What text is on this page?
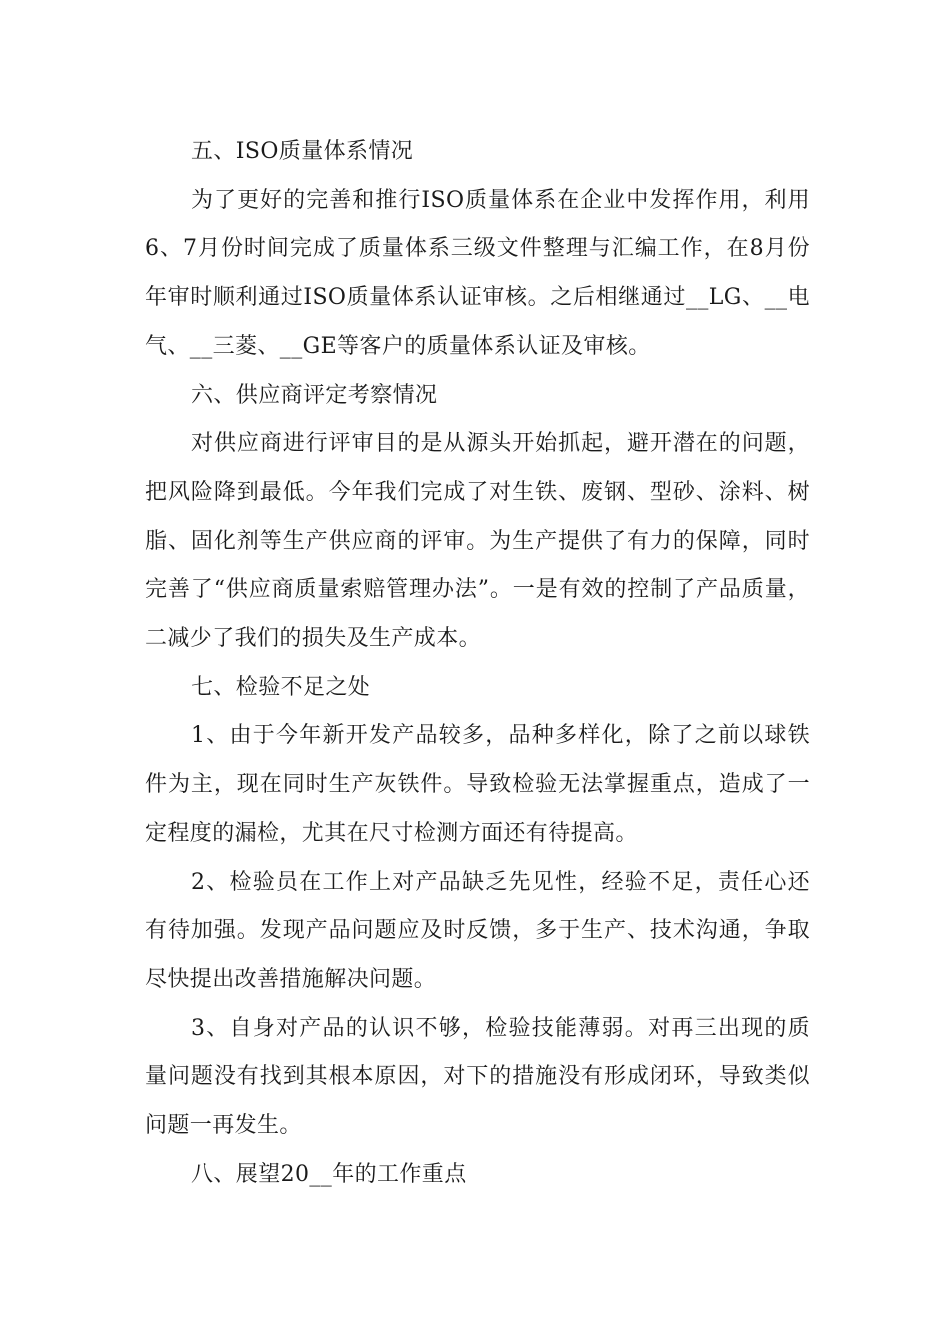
五、ISO质量体系情况

为了更好的完善和推行ISO质量体系在企业中发挥作用，利用6、7月份时间完成了质量体系三级文件整理与汇编工作，在8月份年审时顺利通过ISO质量体系认证审核。之后相继通过__LG、__电气、__三菱、__GE等客户的质量体系认证及审核。

六、供应商评定考察情况

对供应商进行评审目的是从源头开始抓起，避开潜在的问题，把风险降到最低。今年我们完成了对生铁、废钢、型砂、涂料、树脂、固化剂等生产供应商的评审。为生产提供了有力的保障，同时完善了“供应商质量索赔管理办法”。一是有效的控制了产品质量，二减少了我们的损失及生产成本。

七、检验不足之处

1、由于今年新开发产品较多，品种多样化，除了之前以球铁件为主，现在同时生产灰铁件。导致检验无法掌握重点，造成了一定程度的漏检，尤其在尺寸检测方面还有待提高。

2、检验员在工作上对产品缺乏先见性，经验不足，责任心还有待加强。发现产品问题应及时反馈，多于生产、技术沟通，争取尽快提出改善措施解决问题。

3、自身对产品的认识不够，检验技能薄弱。对再三出现的质量问题没有找到其根本原因，对下的措施没有形成闭环，导致类似问题一再发生。

八、展望20__年的工作重点
